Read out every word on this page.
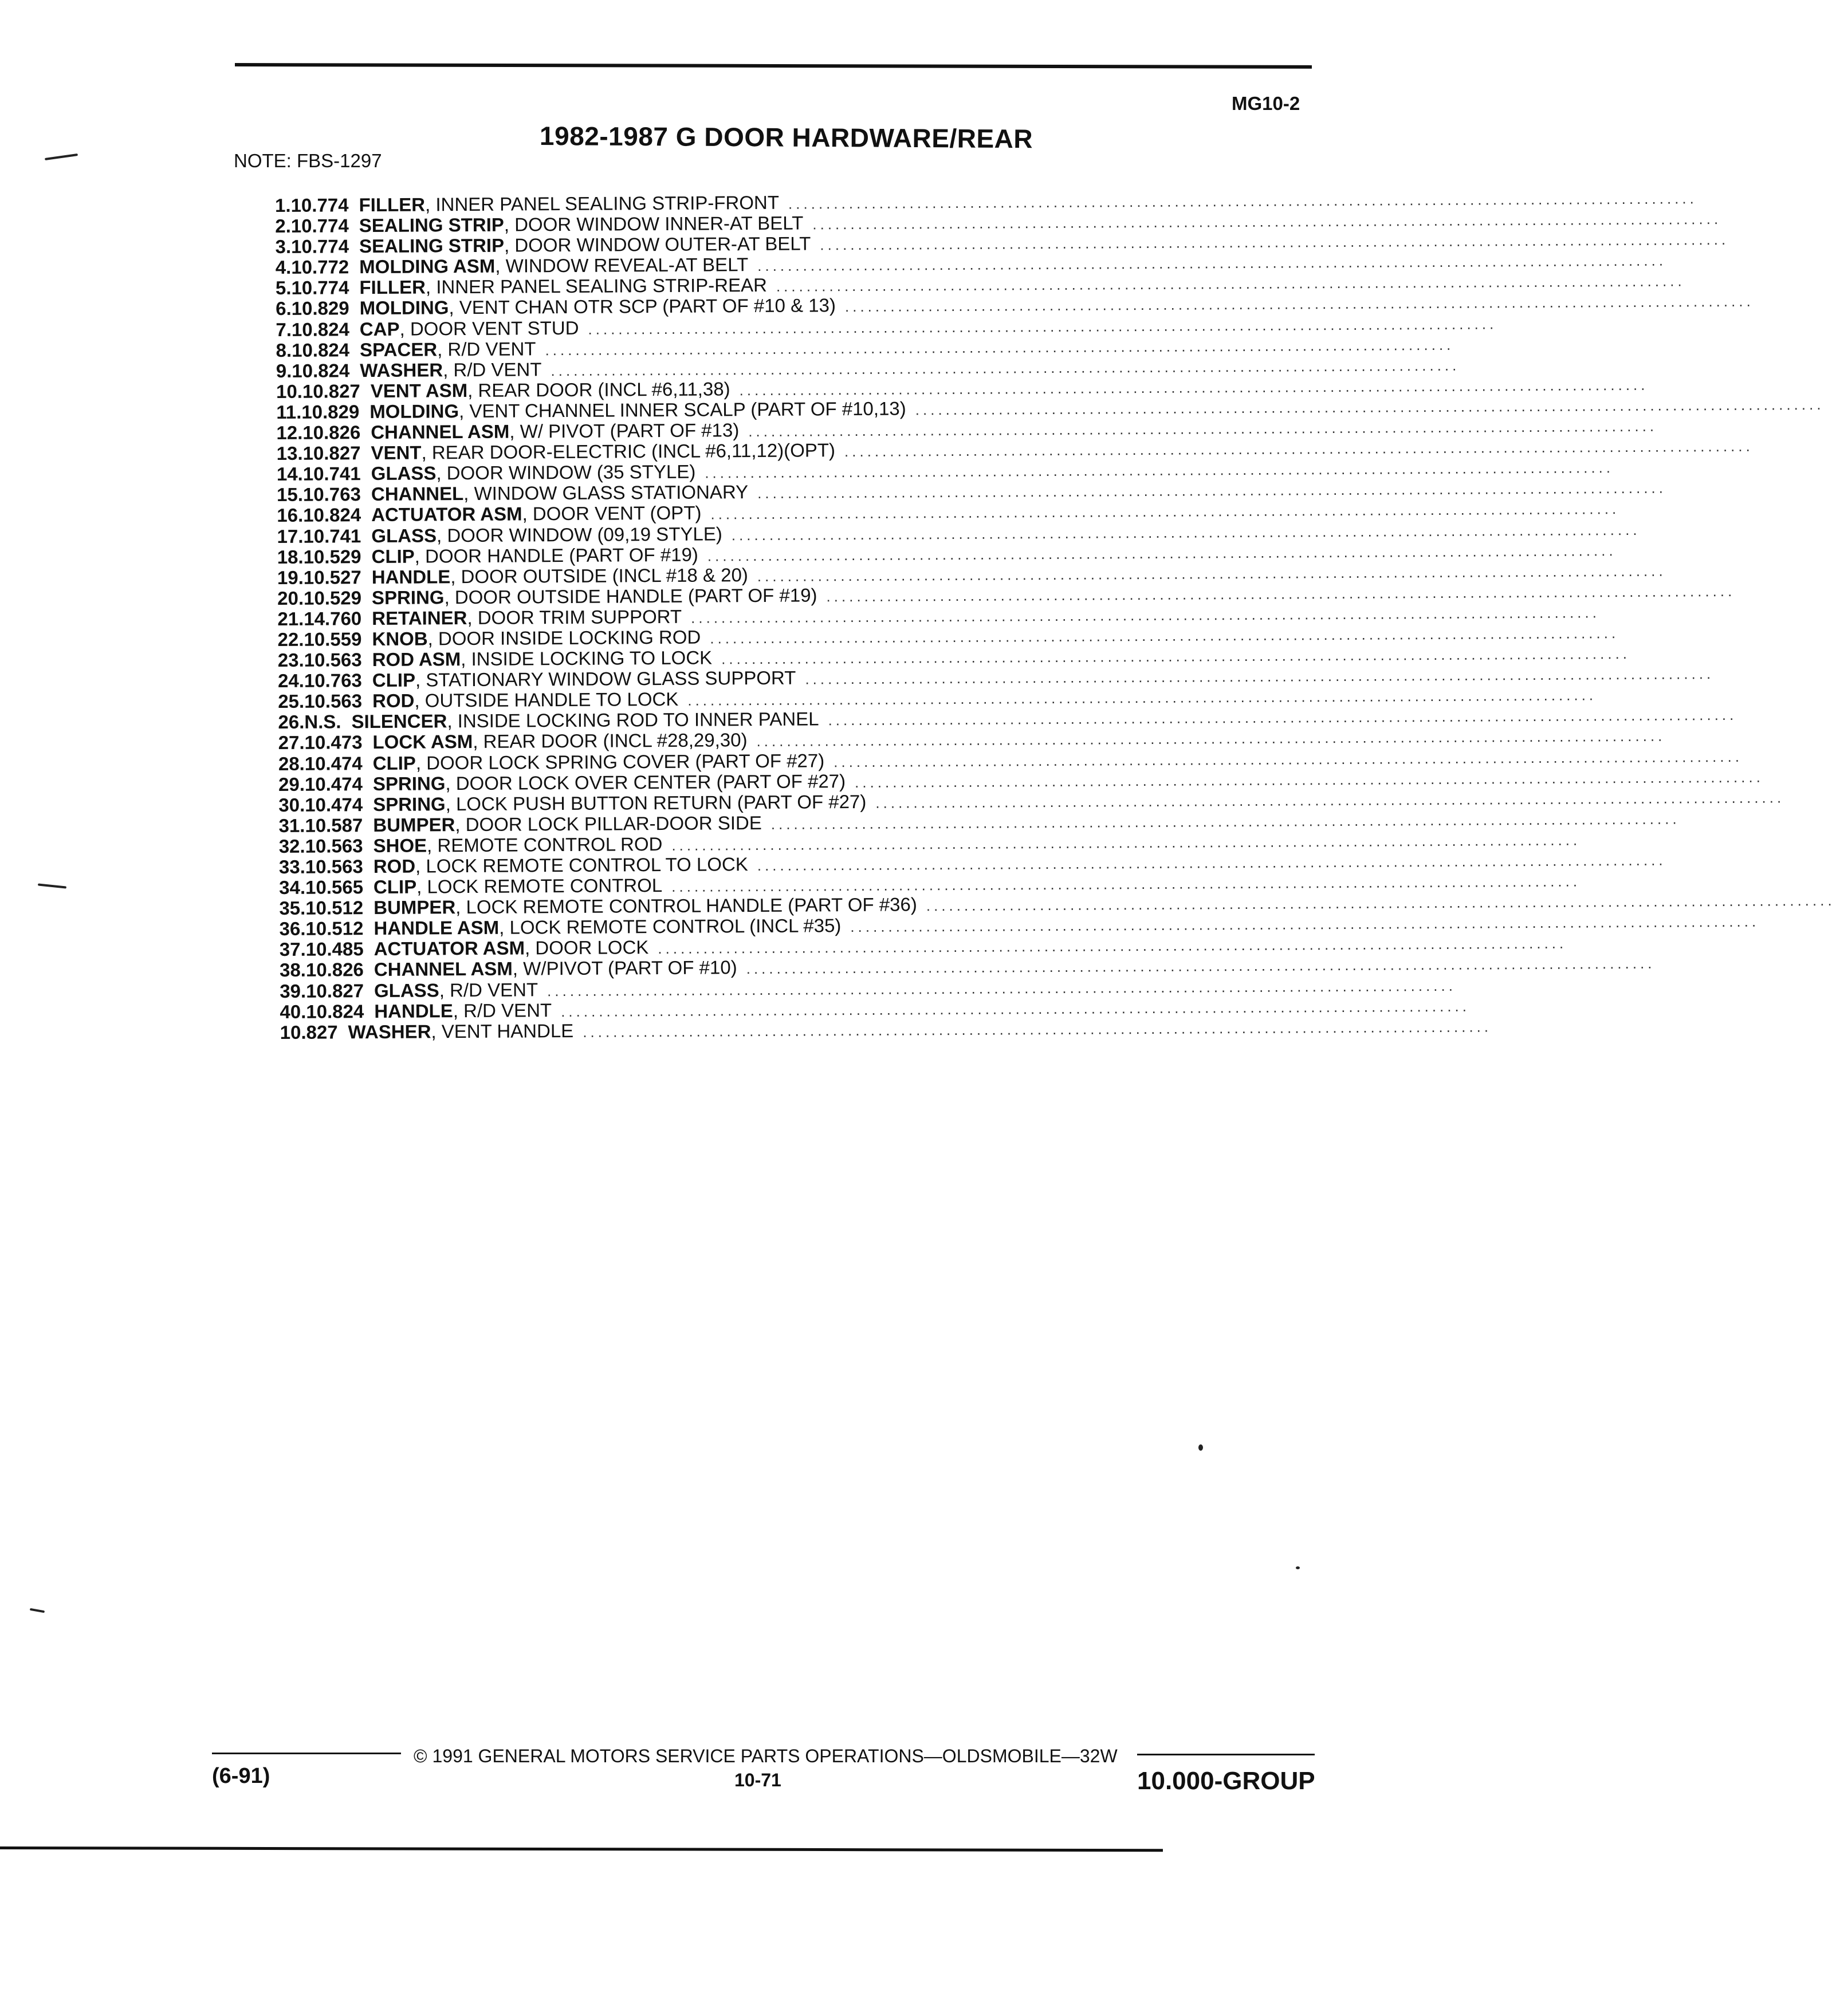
MG10-2
1982-1987 G DOOR HARDWARE/REAR
NOTE: FBS-1297
1. 10.774 FILLER , INNER PANEL SEALING STRIP-FRONT ........................................................................................................................
2. 10.774 SEALING STRIP , DOOR WINDOW INNER-AT BELT ........................................................................................................................
3. 10.774 SEALING STRIP , DOOR WINDOW OUTER-AT BELT ........................................................................................................................
4. 10.772 MOLDING ASM , WINDOW REVEAL-AT BELT ........................................................................................................................
5. 10.774 FILLER , INNER PANEL SEALING STRIP-REAR ........................................................................................................................
6. 10.829 MOLDING , VENT CHAN OTR SCP (PART OF #10 & 13) ........................................................................................................................
7. 10.824 CAP , DOOR VENT STUD ........................................................................................................................
8. 10.824 SPACER , R/D VENT ........................................................................................................................
9. 10.824 WASHER , R/D VENT ........................................................................................................................
10. 10.827 VENT ASM , REAR DOOR (INCL #6,11,38) ........................................................................................................................
11. 10.829 MOLDING , VENT CHANNEL INNER SCALP (PART OF #10,13) ........................................................................................................................
12. 10.826 CHANNEL ASM , W/ PIVOT (PART OF #13) ........................................................................................................................
13. 10.827 VENT , REAR DOOR-ELECTRIC (INCL #6,11,12)(OPT) ........................................................................................................................
14. 10.741 GLASS , DOOR WINDOW (35 STYLE) ........................................................................................................................
15. 10.763 CHANNEL , WINDOW GLASS STATIONARY ........................................................................................................................
16. 10.824 ACTUATOR ASM , DOOR VENT (OPT) ........................................................................................................................
17. 10.741 GLASS , DOOR WINDOW (09,19 STYLE) ........................................................................................................................
18. 10.529 CLIP , DOOR HANDLE (PART OF #19) ........................................................................................................................
19. 10.527 HANDLE , DOOR OUTSIDE (INCL #18 & 20) ........................................................................................................................
20. 10.529 SPRING , DOOR OUTSIDE HANDLE (PART OF #19) ........................................................................................................................
21. 14.760 RETAINER , DOOR TRIM SUPPORT ........................................................................................................................
22. 10.559 KNOB , DOOR INSIDE LOCKING ROD ........................................................................................................................
23. 10.563 ROD ASM , INSIDE LOCKING TO LOCK ........................................................................................................................
24. 10.763 CLIP , STATIONARY WINDOW GLASS SUPPORT ........................................................................................................................
25. 10.563 ROD , OUTSIDE HANDLE TO LOCK ........................................................................................................................
26. N.S. SILENCER , INSIDE LOCKING ROD TO INNER PANEL ........................................................................................................................
27. 10.473 LOCK ASM , REAR DOOR (INCL #28,29,30) ........................................................................................................................
28. 10.474 CLIP , DOOR LOCK SPRING COVER (PART OF #27) ........................................................................................................................
29. 10.474 SPRING , DOOR LOCK OVER CENTER (PART OF #27) ........................................................................................................................
30. 10.474 SPRING , LOCK PUSH BUTTON RETURN (PART OF #27) ........................................................................................................................
31. 10.587 BUMPER , DOOR LOCK PILLAR-DOOR SIDE ........................................................................................................................
32. 10.563 SHOE , REMOTE CONTROL ROD ........................................................................................................................
33. 10.563 ROD , LOCK REMOTE CONTROL TO LOCK ........................................................................................................................
34. 10.565 CLIP , LOCK REMOTE CONTROL ........................................................................................................................
35. 10.512 BUMPER , LOCK REMOTE CONTROL HANDLE (PART OF #36) ........................................................................................................................
36. 10.512 HANDLE ASM , LOCK REMOTE CONTROL (INCL #35) ........................................................................................................................
37. 10.485 ACTUATOR ASM , DOOR LOCK ........................................................................................................................
38. 10.826 CHANNEL ASM , W/PIVOT (PART OF #10) ........................................................................................................................
39. 10.827 GLASS , R/D VENT ........................................................................................................................
40. 10.824 HANDLE , R/D VENT ........................................................................................................................
10.827 WASHER , VENT HANDLE ........................................................................................................................
(6-91)
© 1991 GENERAL MOTORS SERVICE PARTS OPERATIONS—OLDSMOBILE—32W
10-71	10.000-GROUP
